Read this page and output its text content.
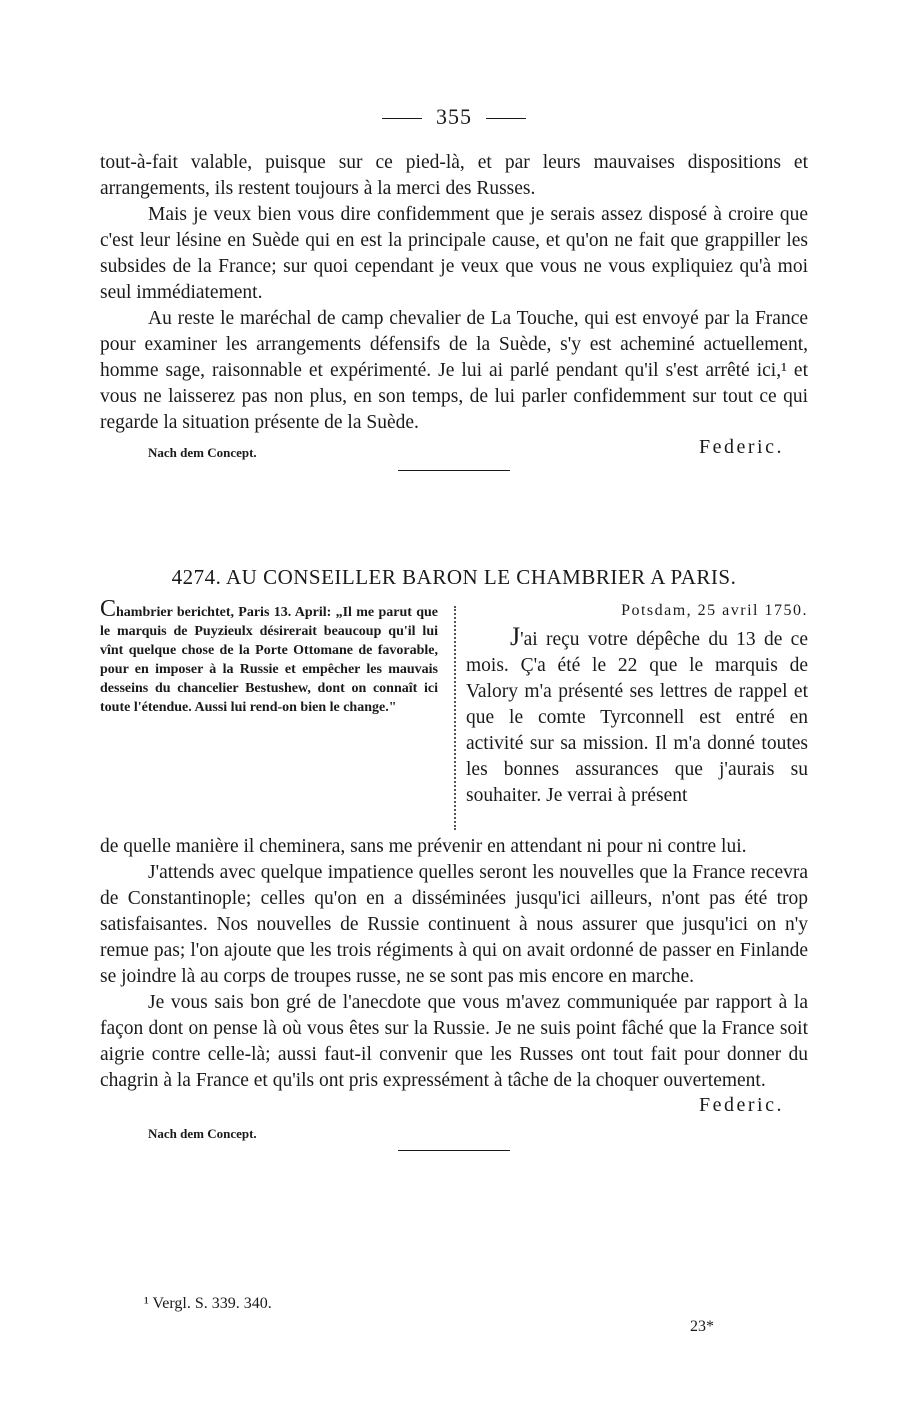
355

tout-à-fait valable, puisque sur ce pied-là, et par leurs mauvaises dispositions et arrangements, ils restent toujours à la merci des Russes.

Mais je veux bien vous dire confidemment que je serais assez disposé à croire que c'est leur lésine en Suède qui en est la principale cause, et qu'on ne fait que grappiller les subsides de la France; sur quoi cependant je veux que vous ne vous expliquiez qu'à moi seul immédiatement.

Au reste le maréchal de camp chevalier de La Touche, qui est envoyé par la France pour examiner les arrangements défensifs de la Suède, s'y est acheminé actuellement, homme sage, raisonnable et expérimenté. Je lui ai parlé pendant qu'il s'est arrêté ici,¹ et vous ne laisserez pas non plus, en son temps, de lui parler confidemment sur tout ce qui regarde la situation présente de la Suède.

Nach dem Concept.	Federic.
4274. AU CONSEILLER BARON LE CHAMBRIER A PARIS.
Chambrier berichtet, Paris 13. April: „Il me parut que le marquis de Puyzieulx désirerait beaucoup qu'il lui vînt quelque chose de la Porte Ottomane de favorable, pour en imposer à la Russie et empêcher les mauvais desseins du chancelier Bestushew, dont on connaît ici toute l'étendue. Aussi lui rend-on bien le change."
Potsdam, 25 avril 1750.

J'ai reçu votre dépêche du 13 de ce mois. Ç'a été le 22 que le marquis de Valory m'a présenté ses lettres de rappel et que le comte Tyrconnell est entré en activité sur sa mission. Il m'a donné toutes les bonnes assurances que j'aurais su souhaiter. Je verrai à présent

de quelle manière il cheminera, sans me prévenir en attendant ni pour ni contre lui.

J'attends avec quelque impatience quelles seront les nouvelles que la France recevra de Constantinople; celles qu'on en a disséminées jusqu'ici ailleurs, n'ont pas été trop satisfaisantes. Nos nouvelles de Russie continuent à nous assurer que jusqu'ici on n'y remue pas; l'on ajoute que les trois régiments à qui on avait ordonné de passer en Finlande se joindre là au corps de troupes russe, ne se sont pas mis encore en marche.

Je vous sais bon gré de l'anecdote que vous m'avez communiquée par rapport à la façon dont on pense là où vous êtes sur la Russie. Je ne suis point fâché que la France soit aigrie contre celle-là; aussi faut-il convenir que les Russes ont tout fait pour donner du chagrin à la France et qu'ils ont pris expressément à tâche de la choquer ouvertement.

Federic.
Nach dem Concept.
¹ Vergl. S. 339. 340.
23*
